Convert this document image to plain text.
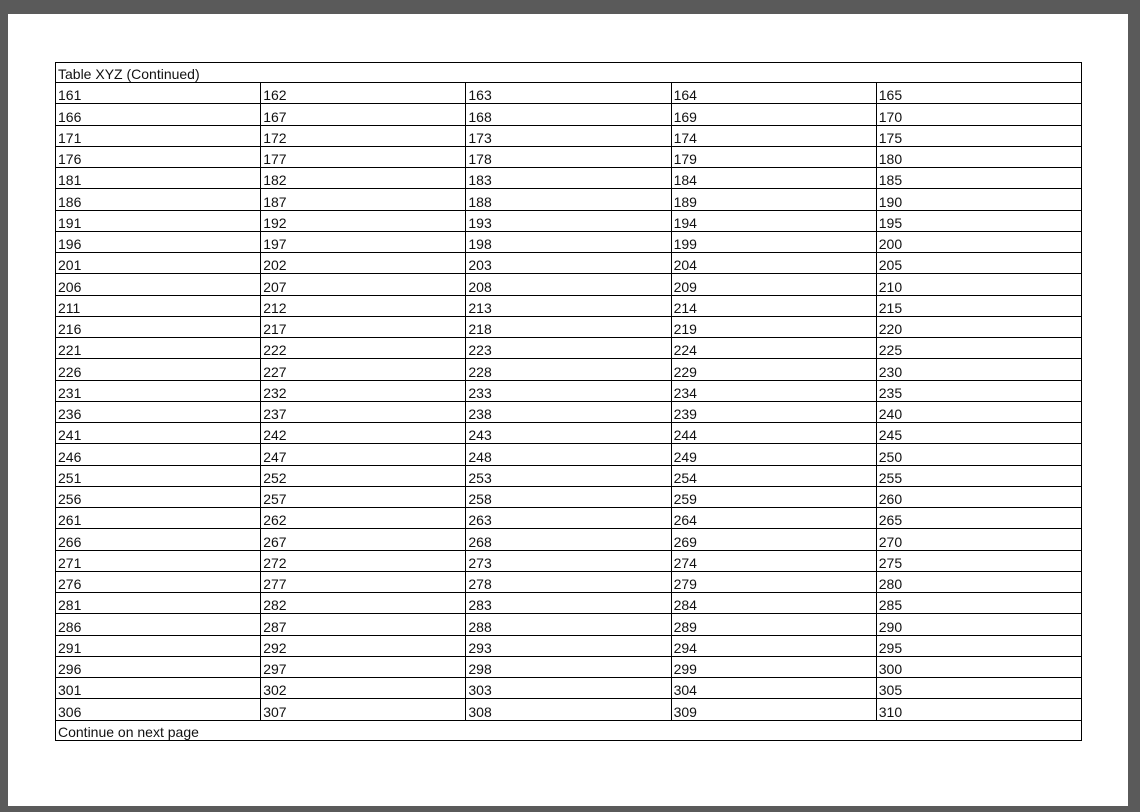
Table XYZ (Continued)				
161	162	163	164	165
166	167	168	169	170
171	172	173	174	175
176	177	178	179	180
181	182	183	184	185
186	187	188	189	190
191	192	193	194	195
196	197	198	199	200
201	202	203	204	205
206	207	208	209	210
211	212	213	214	215
216	217	218	219	220
221	222	223	224	225
226	227	228	229	230
231	232	233	234	235
236	237	238	239	240
241	242	243	244	245
246	247	248	249	250
251	252	253	254	255
256	257	258	259	260
261	262	263	264	265
266	267	268	269	270
271	272	273	274	275
276	277	278	279	280
281	282	283	284	285
286	287	288	289	290
291	292	293	294	295
296	297	298	299	300
301	302	303	304	305
306	307	308	309	310
Continue on next page				
